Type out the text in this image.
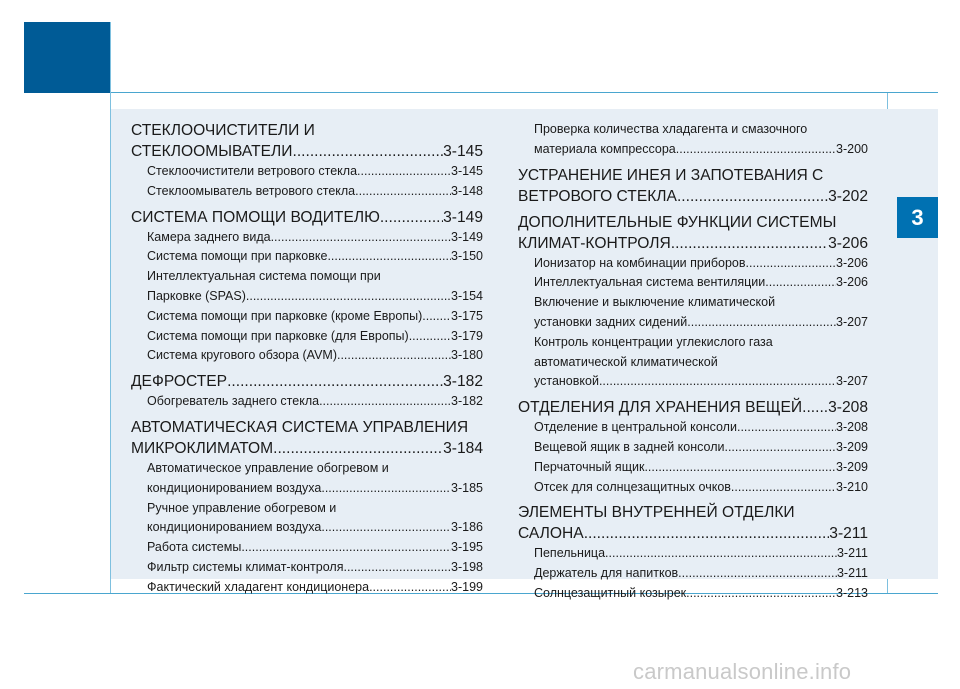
3
СТЕКЛООЧИСТИТЕЛИ И
СТЕКЛООМЫВАТЕЛИ .....	3-145
Стеклоочистители ветрового стекла .....	3-145
Стеклоомыватель ветрового стекла .....	3-148
СИСТЕМА ПОМОЩИ ВОДИТЕЛЮ .....	3-149
Камера заднего вида .....	3-149
Система помощи при парковке .....	3-150
Интеллектуальная система помощи при
Парковке (SPAS) .....	3-154
Система помощи при парковке (кроме Европы) ..... 3-175
Система помощи при парковке (для Европы) .....	3-179
Система кругового обзора (AVM) .....	3-180
ДЕФРОСТЕР .....	3-182
Обогреватель заднего стекла .....	3-182
АВТОМАТИЧЕСКАЯ СИСТЕМА УПРАВЛЕНИЯ
МИКРОКЛИМАТОМ .....	3-184
Автоматическое управление обогревом и
кондиционированием воздуха .....	3-185
Ручное управление обогревом и
кондиционированием воздуха .....	3-186
Работа системы .....	3-195
Фильтр системы климат-контроля .....	3-198
Фактический хладагент кондиционера .....	3-199
Проверка количества хладагента и смазочного
материала компрессора .....	3-200
УСТРАНЕНИЕ ИНЕЯ И ЗАПОТЕВАНИЯ С
ВЕТРОВОГО СТЕКЛА .....	3-202
ДОПОЛНИТЕЛЬНЫЕ ФУНКЦИИ СИСТЕМЫ
КЛИМАТ-КОНТРОЛЯ .....	3-206
Ионизатор на комбинации приборов .....	3-206
Интеллектуальная система вентиляции .....	3-206
Включение и выключение климатической
установки задних сидений .....	3-207
Контроль концентрации углекислого газа
автоматической климатической
установкой .....	3-207
ОТДЕЛЕНИЯ ДЛЯ ХРАНЕНИЯ ВЕЩЕЙ ..... 3-208
Отделение в центральной консоли .....	3-208
Вещевой ящик в задней консоли .....	3-209
Перчаточный ящик .....	3-209
Отсек для солнцезащитных очков .....	3-210
ЭЛЕМЕНТЫ ВНУТРЕННЕЙ ОТДЕЛКИ
САЛОНА .....	3-211
Пепельница .....	3-211
Держатель для напитков .....	3-211
Солнцезащитный козырек .....	3-213
carmanualsonline.info
